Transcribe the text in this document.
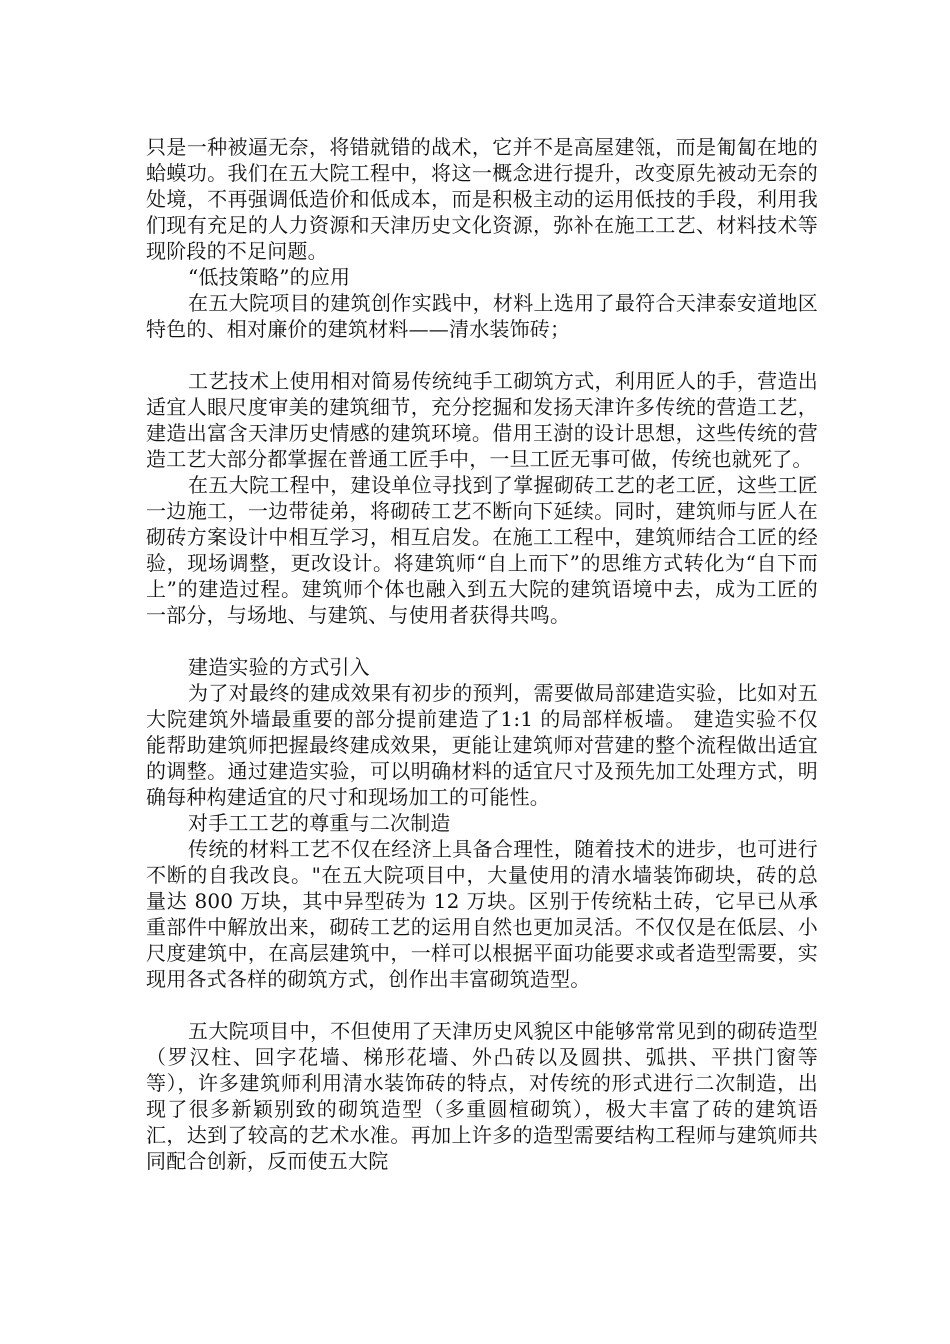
只是一种被逼无奈，将错就错的战术，它并不是高屋建瓴，而是匍匐在地的蛤蟆功。我们在五大院工程中，将这一概念进行提升，改变原先被动无奈的处境，不再强调低造价和低成本，而是积极主动的运用低技的手段，利用我们现有充足的人力资源和天津历史文化资源，弥补在施工工艺、材料技术等现阶段的不足问题。

“低技策略”的应用

在五大院项目的建筑创作实践中，材料上选用了最符合天津泰安道地区特色的、相对廉价的建筑材料——清水装饰砖；

工艺技术上使用相对简易传统纯手工砌筑方式，利用匠人的手，营造出适宜人眼尺度审美的建筑细节，充分挖掘和发扬天津许多传统的营造工艺，建造出富含天津历史情感的建筑环境。借用王澍的设计思想，这些传统的营造工艺大部分都掌握在普通工匠手中，一旦工匠无事可做，传统也就死了。

在五大院工程中，建设单位寻找到了掌握砌砖工艺的老工匠，这些工匠一边施工，一边带徒弟，将砌砖工艺不断向下延续。同时，建筑师与匠人在砌砖方案设计中相互学习，相互启发。在施工工程中，建筑师结合工匠的经验，现场调整，更改设计。将建筑师“自上而下”的思维方式转化为“自下而上”的建造过程。建筑师个体也融入到五大院的建筑语境中去，成为工匠的一部分，与场地、与建筑、与使用者获得共鸣。

建造实验的方式引入

为了对最终的建成效果有初步的预判，需要做局部建造实验，比如对五大院建筑外墙最重要的部分提前建造了1:1 的局部样板墙。 建造实验不仅能帮助建筑师把握最终建成效果，更能让建筑师对营建的整个流程做出适宜的调整。通过建造实验，可以明确材料的适宜尺寸及预先加工处理方式，明确每种构建适宜的尺寸和现场加工的可能性。

对手工工艺的尊重与二次制造

传统的材料工艺不仅在经济上具备合理性，随着技术的进步，也可进行不断的自我改良。"在五大院项目中，大量使用的清水墙装饰砌块，砖的总量达 800 万块，其中异型砖为 12 万块。区别于传统粘土砖，它早已从承重部件中解放出来，砌砖工艺的运用自然也更加灵活。不仅仅是在低层、小尺度建筑中，在高层建筑中，一样可以根据平面功能要求或者造型需要，实现用各式各样的砌筑方式，创作出丰富砌筑造型。

五大院项目中，不但使用了天津历史风貌区中能够常常见到的砌砖造型（罗汉柱、回字花墙、梯形花墙、外凸砖以及圆拱、弧拱、平拱门窗等等），许多建筑师利用清水装饰砖的特点，对传统的形式进行二次制造，出现了很多新颖别致的砌筑造型（多重圆楦砌筑），极大丰富了砖的建筑语汇，达到了较高的艺术水准。再加上许多的造型需要结构工程师与建筑师共同配合创新，反而使五大院
